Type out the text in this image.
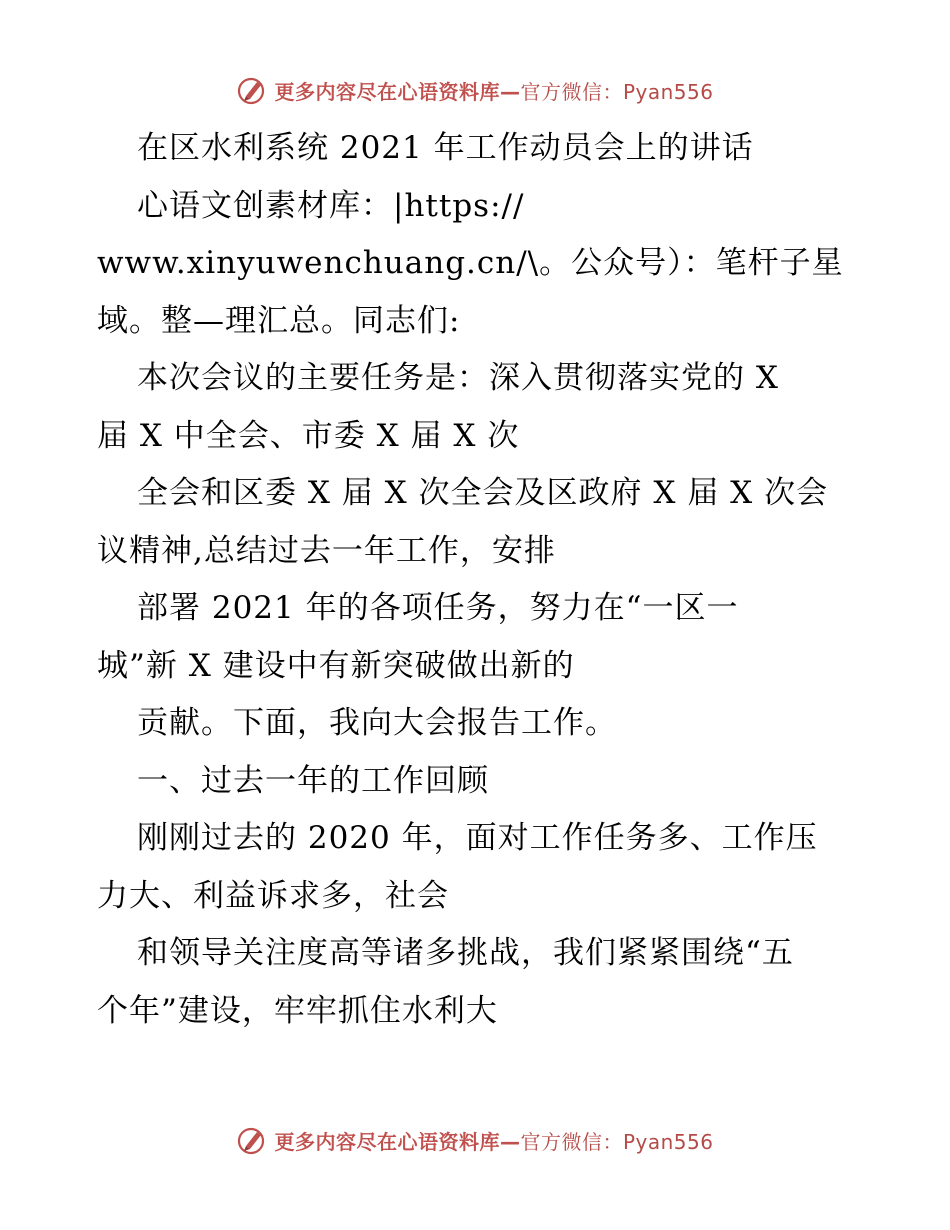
更多内容尽在心语资料库—官方微信：Pyan556
在区水利系统 2021 年工作动员会上的讲话
心语文创素材库：|https://
www.xinyuwenchuang.cn/\。公众号）：笔杆子星
域。整—理汇总。同志们:
本次会议的主要任务是：深入贯彻落实党的 X
届 X 中全会、市委 X 届 X 次
全会和区委 X 届 X 次全会及区政府 X 届 X 次会
议精神,总结过去一年工作，安排
部署 2021 年的各项任务，努力在“一区一
城”新 X 建设中有新突破做出新的
贡献。下面，我向大会报告工作。
一、过去一年的工作回顾
刚刚过去的 2020 年，面对工作任务多、工作压
力大、利益诉求多，社会
和领导关注度高等诸多挑战，我们紧紧围绕“五
个年”建设，牢牢抓住水利大
更多内容尽在心语资料库—官方微信：Pyan556
